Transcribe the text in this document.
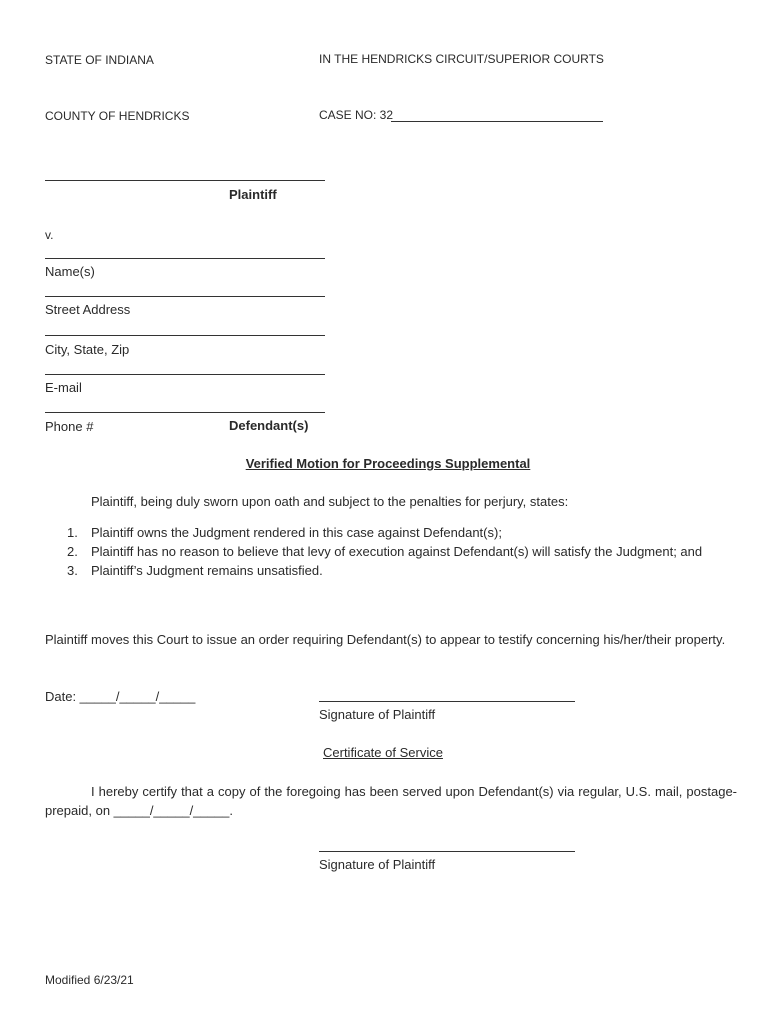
STATE OF INDIANA	IN THE HENDRICKS CIRCUIT/SUPERIOR COURTS
COUNTY OF HENDRICKS	CASE NO: 32
Plaintiff
v.
Name(s)
Street Address
City, State, Zip
E-mail
Phone #	Defendant(s)
Verified Motion for Proceedings Supplemental
Plaintiff, being duly sworn upon oath and subject to the penalties for perjury, states:
1. Plaintiff owns the Judgment rendered in this case against Defendant(s);
2. Plaintiff has no reason to believe that levy of execution against Defendant(s) will satisfy the Judgment; and
3. Plaintiff’s Judgment remains unsatisfied.
Plaintiff moves this Court to issue an order requiring Defendant(s) to appear to testify concerning his/her/their property.
Date: _____/_____/_____
Signature of Plaintiff
Certificate of Service
I hereby certify that a copy of the foregoing has been served upon Defendant(s) via regular, U.S. mail, postage-prepaid, on _____/_____/_____.
Signature of Plaintiff
Modified 6/23/21
